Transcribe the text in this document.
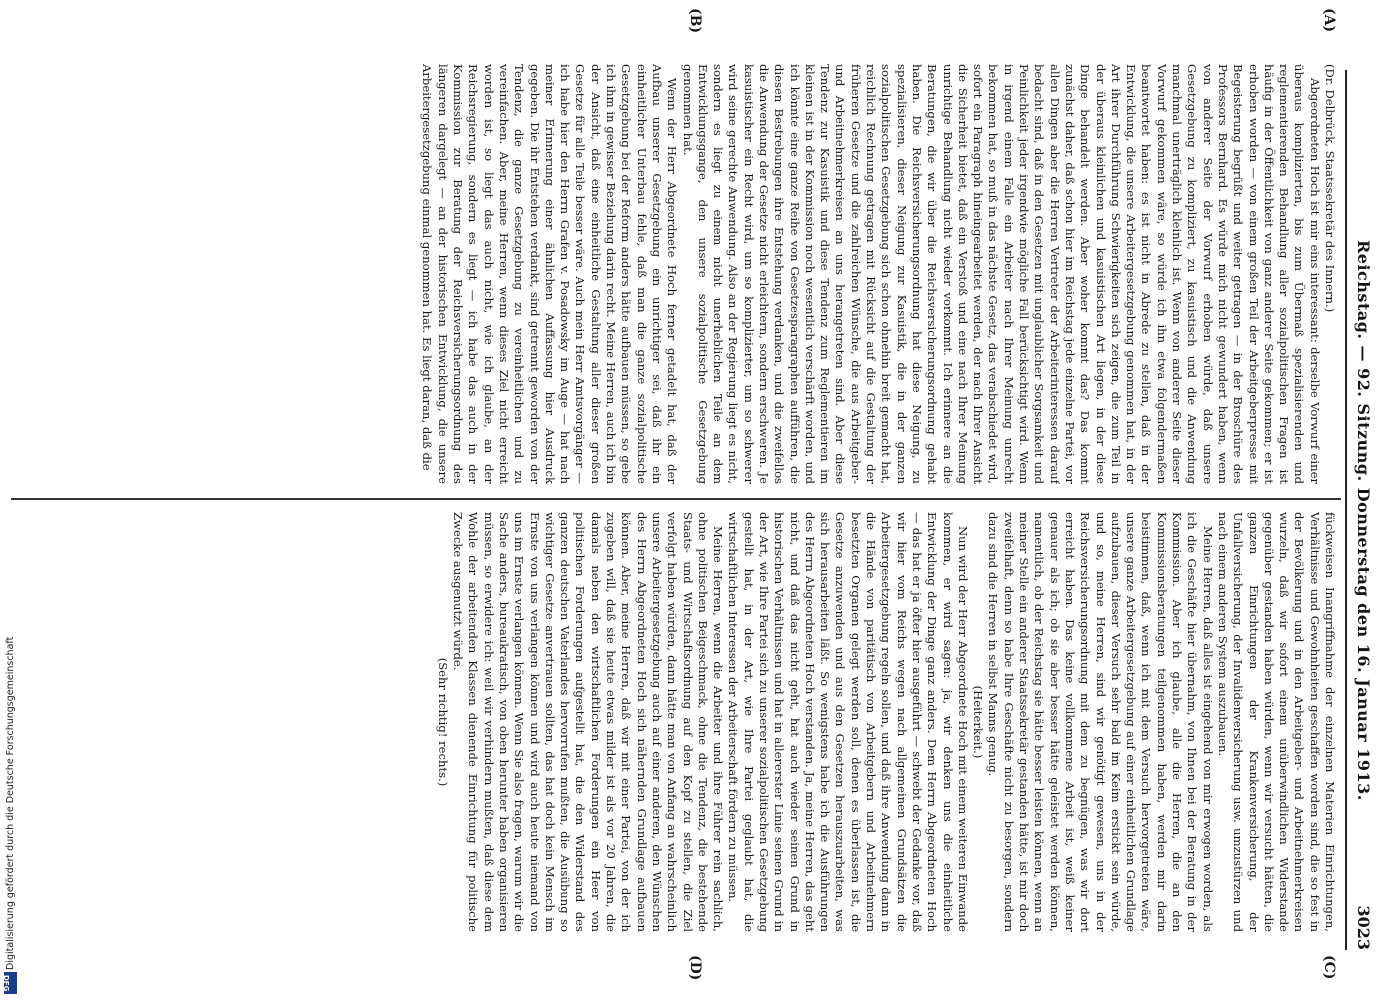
Reichstag. — 92. Sitzung. Donnerstag den 16. Januar 1913.
3023
(A)
(B)
(C)
(D)

(Dr. Delbrück, Staatssekretär des Innern.)

Abgeordneten Hoch ist mir eins interessant: derselbe Vorwurf einer überaus komplizierten, bis zum Übermaß spezialisierenden und reglementierenden Behandlung aller sozialpolitischen Fragen ist häufig in der Öffentlichkeit von ganz anderer Seite gekommen; er ist erhoben worden — von einem großen Teil der Arbeitgeberpresse mit Begeisterung begrüßt und weiter getragen — in der Broschüre des Professors Bernhard. Es würde mich nicht gewundert haben, wenn von anderer Seite der Vorwurf erhoben würde, daß unsere Gesetzgebung zu kompliziert, zu kasuistisch und die Anwendung manchmal unerträglich kleinlich ist. Wenn von anderer Seite dieser Vorwurf gekommen wäre, so würde ich ihn etwa folgendermaßen beantwortet haben: es ist nicht in Abrede zu stellen, daß in der Entwicklung, die unsere Arbeitergesetzgebung genommen hat, in der Art ihrer Durchführung Schwierigkeiten sich zeigen, die zum Teil in der überaus kleinlichen und kasuistischen Art liegen, in der diese Dinge behandelt werden. Aber woher kommt das? Das kommt zunächst daher, daß schon hier im Reichstag jede einzelne Partei, vor allen Dingen aber die Herren Vertreter der Arbeiterinteressen darauf bedacht sind, daß in den Gesetzen mit unglaublicher Sorgsamkeit und Peinlichkeit jeder irgendwie mögliche Fall berücksichtigt wird. Wenn in irgend einem Falle ein Arbeiter nach Ihrer Meinung unrecht bekommen hat, so muß in das nächste Gesetz, das verabschiedet wird, sofort ein Paragraph hineingearbeitet werden, der nach Ihrer Ansicht die Sicherheit bietet, daß ein Verstoß und eine nach Ihrer Meinung unrichtige Behandlung nicht wieder vorkommt. Ich erinnere an die Beratungen, die wir über die Reichsversicherungsordnung gehabt haben. Die Reichsversicherungsordnung hat diese Neigung, zu spezialisieren, dieser Neigung zur Kasuistik, die in der ganzen sozialpolitischen Gesetzgebung sich schon ohnehin breit gemacht hat, reichlich Rechnung getragen mit Rücksicht auf die Gestaltung der früheren Gesetze und die zahlreichen Wünsche, die aus Arbeitgeber- und Arbeitnehmerkreisen an uns herangetreten sind. Aber diese Tendenz zur Kasuistik und diese Tendenz zum Reglementieren im kleinen ist in der Kommission noch wesentlich verschärft worden, und ich könnte eine ganze Reihe von Gesetzesparagraphen aufführen, die diesen Bestrebungen ihre Entstehung verdanken, und die zweifellos die Anwendung der Gesetze nicht erleichtern, sondern erschweren. Je kasuistischer ein Recht wird, um so komplizierter, um so schwerer wird seine gerechte Anwendung. Also an der Regierung liegt es nicht, sondern es liegt zu einem nicht unerheblichen Teile an dem Entwicklungsgange, den unsere sozialpolitische Gesetzgebung genommen hat.

Wenn der Herr Abgeordnete Hoch ferner getadelt hat, daß der Aufbau unserer Gesetzgebung ein unrichtiger sei, daß ihr ein einheitlicher Unterbau fehle, daß man die ganze sozialpolitische Gesetzgebung bei der Reform anders hätte aufbauen müssen, so gebe ich ihm in gewisser Beziehung darin recht. Meine Herren, auch ich bin der Ansicht, daß eine einheitliche Gestaltung aller dieser großen Gesetze für alle Teile besser wäre. Auch mein Herr Amtsvorgänger — ich habe hier den Herrn Grafen v. Posadowsky im Auge — hat nach meiner Erinnerung einer ähnlichen Auffassung hier Ausdruck gegeben. Die ihr Entstehen verdankt, sind getrennt geworden von der Tendenz, die ganze Gesetzgebung zu vereinheitlichen und zu vereinfachen. Aber, meine Herren, wenn dieses Ziel nicht erreicht worden ist, so liegt das auch nicht, wie ich glaube, an der Reichsregierung, sondern es liegt — ich habe das auch in der Kommission zur Beratung der Reichsversicherungsordnung des längeren dargelegt — an der historischen Entwicklung, die unsere Arbeitergesetzgebung einmal genommen hat. Es liegt daran, daß die

fückweisen Inangriffnahme der einzelnen Materien Einrichtungen, Verhältnisse und Gewohnheiten geschaffen worden sind, die so fest in der Bevölkerung und in den Arbeitgeber- und Arbeitnehmerkreisen wurzeln, daß wir sofort einem unüberwindlichen Widerstande gegenüber gestanden haben würden, wenn wir versucht hätten, die ganzen Einrichtungen der Krankenversicherung, der Unfallversicherung, der Invalidenversicherung usw. umzustürzen und nach einem anderen System auszubauen.

Meine Herren, daß alles ist eingehend von mir erwogen worden, als ich die Geschäfte hier übernahm, von Ihnen bei der Beratung in der Kommission. Aber ich glaube, alle die Herren, die an den Kommissionsberatungen teilgenommen haben, werden mir darin beistimmen, daß, wenn ich mit dem Versuch hervorgetreten wäre, unsere ganze Arbeitergesetzgebung auf einer einheitlichen Grundlage aufzubauen, dieser Versuch sehr bald im Keim erstickt sein würde, und so, meine Herren, sind wir genötigt gewesen, uns in der Reichsversicherungsordnung mit dem zu begnügen, was wir dort erreicht haben. Das keine vollkommene Arbeit ist, weiß keiner genauer als ich; ob sie aber besser hätte geleistet werden können, namentlich, ob der Reichstag sie hätte besser leisten können, wenn an meiner Stelle ein anderer Staatssekretär gestanden hätte, ist mir doch zweifelhaft, denn so habe Ihre Geschäfte nicht zu besorgen, sondern dazu sind die Herren in selbst Manns genug.

(Heiterkeit.)

Nun wird der Herr Abgeordnete Hoch mit einem weiteren Einwande kommen, er wird sagen: ja, wir denken uns die einheitliche Entwicklung der Dinge ganz anders. Dem Herrn Abgeordneten Hoch — das hat er ja öfter hier ausgeführt — schwebt der Gedanke vor, daß wir hier vom Reichs wegen nach allgemeinen Grundsätzen die Arbeitergesetzgebung regeln sollen, und daß ihre Anwendung dann in die Hände von paritätisch von Arbeitgebern und Arbeitnehmern besetzten Organen gelegt werden soll, denen es überlassen ist, die Gesetze anzuwenden und aus den Gesetzen herauszuarbeiten, was sich herausarbeiten läßt. So wenigstens habe ich die Ausführungen des Herrn Abgeordneten Hoch verstanden. Ja, meine Herren, das geht nicht, und daß das nicht geht, hat auch wieder seinen Grund in historischen Verhältnissen und hat in allererster Linie seinen Grund in der Art, wie Ihre Partei sich zu unserer sozialpolitischen Gesetzgebung gestellt hat, in der Art, wie Ihre Partei geglaubt hat, die wirtschaftlichen Interessen der Arbeiterschaft fördern zu müssen.

Meine Herren, wenn die Arbeiter und ihre Führer rein sachlich, ohne politischen Beigeschmack, ohne die Tendenz, die bestehende Staats- und Wirtschaftsordnung auf den Kopf zu stellen, die Ziel verfolgt haben würden, dann hätte man von Anfang an wahrscheinlich unsere Arbeitergesetzgebung auch auf einer anderen, den Wünschen des Herrn Abgeordneten Hoch sich nähernden Grundlage aufbauen können. Aber, meine Herren, daß wir mit einer Partei, von der ich zugeben will, daß sie heute etwas milder ist als vor 20 Jahren, die damals neben den wirtschaftlichen Forderungen ein Heer von politischen Forderungen aufgestellt hat, die den Widerstand des ganzen deutschen Vaterlandes hervorrufen mußten, die Ausübung so wichtiger Gesetze anvertrauen sollten, das hat doch kein Mensch im Ernste von uns verlangen können und wird auch heute niemand von uns im Ernste verlangen können. Wenn Sie also fragen, warum wir die Sache anders, bureaukratisch, von oben herunter haben organisieren müssen, so erwidere ich: weil wir verhindern mußten, daß diese dem Wohle der arbeitenden Klassen dienende Einrichtung für politische Zwecke ausgenutzt würde.

(Sehr richtig! rechts.)

Digitalisierung gefördert durch die Deutsche Forschungsgemeinschaft
DFG
